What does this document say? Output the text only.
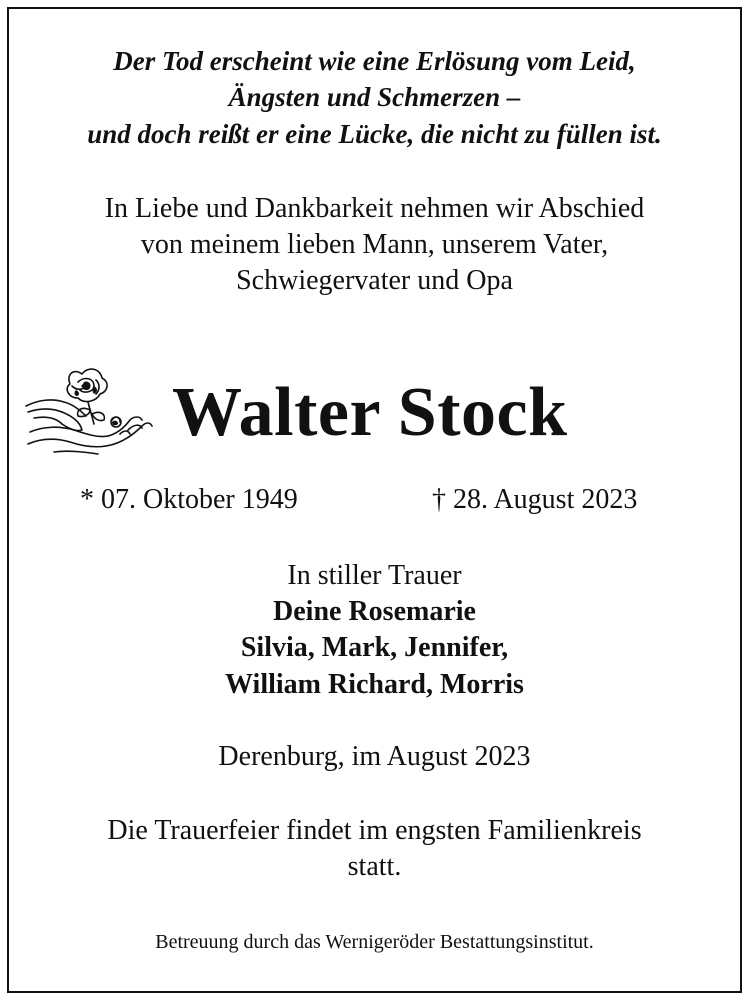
Der Tod erscheint wie eine Erlösung vom Leid,
Ängsten und Schmerzen –
und doch reißt er eine Lücke, die nicht zu füllen ist.
In Liebe und Dankbarkeit nehmen wir Abschied
von meinem lieben Mann, unserem Vater,
Schwiegervater und Opa
Walter Stock
* 07. Oktober 1949	† 28. August 2023
In stiller Trauer
Deine Rosemarie
Silvia, Mark, Jennifer,
William Richard, Morris
Derenburg, im August 2023
Die Trauerfeier findet im engsten Familienkreis
statt.
Betreuung durch das Wernigeröder Bestattungsinstitut.
